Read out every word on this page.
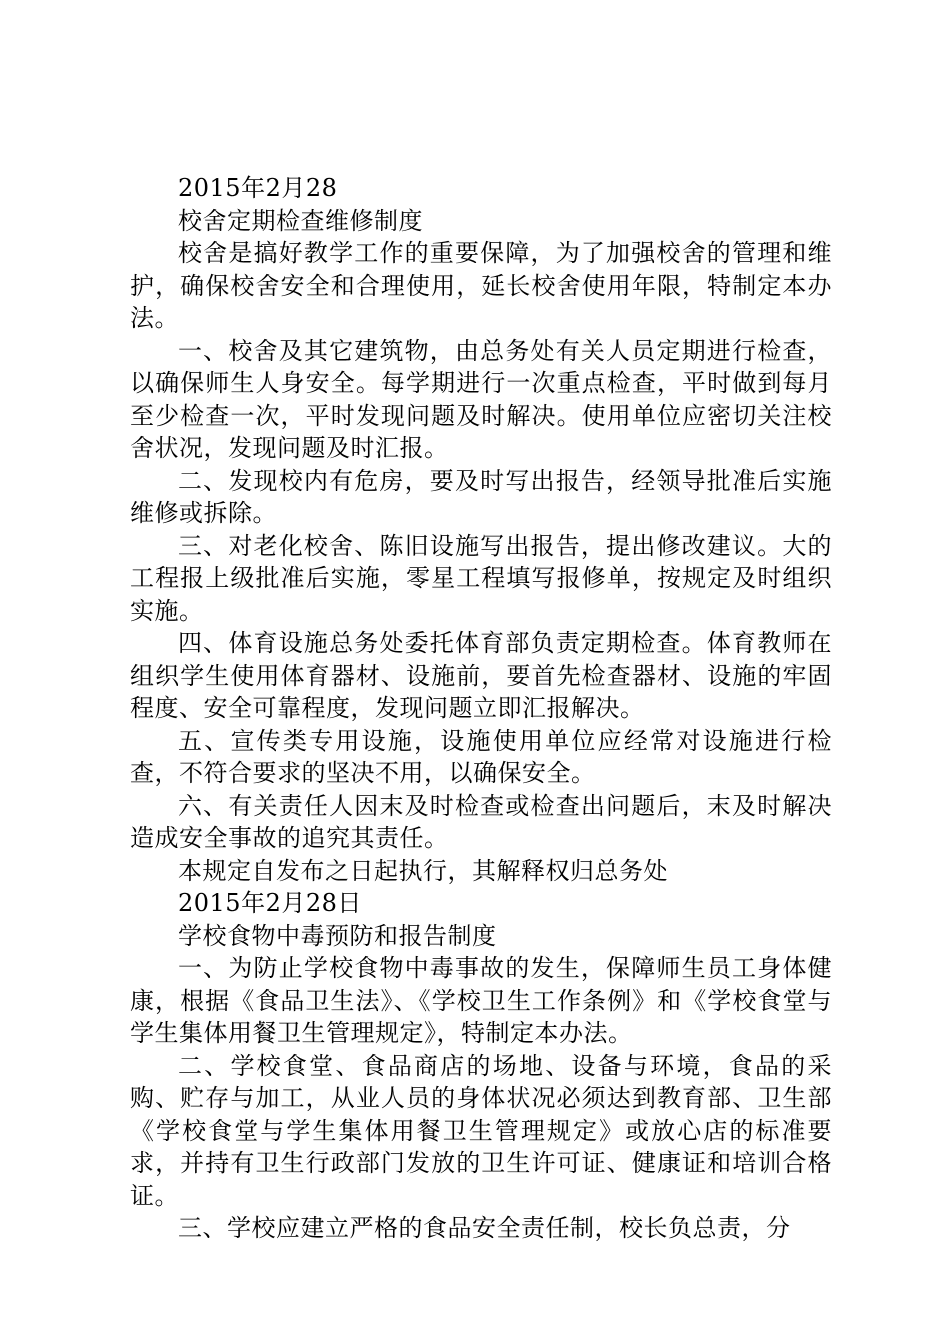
2015年2月28

校舍定期检查维修制度

校舍是搞好教学工作的重要保障，为了加强校舍的管理和维护，确保校舍安全和合理使用，延长校舍使用年限，特制定本办法。

一、校舍及其它建筑物，由总务处有关人员定期进行检查，以确保师生人身安全。每学期进行一次重点检查，平时做到每月至少检查一次，平时发现问题及时解决。使用单位应密切关注校舍状况，发现问题及时汇报。

二、发现校内有危房，要及时写出报告，经领导批准后实施维修或拆除。

三、对老化校舍、陈旧设施写出报告，提出修改建议。大的工程报上级批准后实施，零星工程填写报修单，按规定及时组织实施。

四、体育设施总务处委托体育部负责定期检查。体育教师在组织学生使用体育器材、设施前，要首先检查器材、设施的牢固程度、安全可靠程度，发现问题立即汇报解决。

五、宣传类专用设施，设施使用单位应经常对设施进行检查，不符合要求的坚决不用，以确保安全。

六、有关责任人因末及时检查或检查出问题后，末及时解决造成安全事故的追究其责任。

本规定自发布之日起执行，其解释权归总务处

2015年2月28日

学校食物中毒预防和报告制度

一、为防止学校食物中毒事故的发生，保障师生员工身体健康，根据《食品卫生法》、《学校卫生工作条例》和《学校食堂与学生集体用餐卫生管理规定》，特制定本办法。

二、学校食堂、食品商店的场地、设备与环境，食品的采购、贮存与加工，从业人员的身体状况必须达到教育部、卫生部《学校食堂与学生集体用餐卫生管理规定》或放心店的标准要求，并持有卫生行政部门发放的卫生许可证、健康证和培训合格证。

三、学校应建立严格的食品安全责任制，校长负总责，分
